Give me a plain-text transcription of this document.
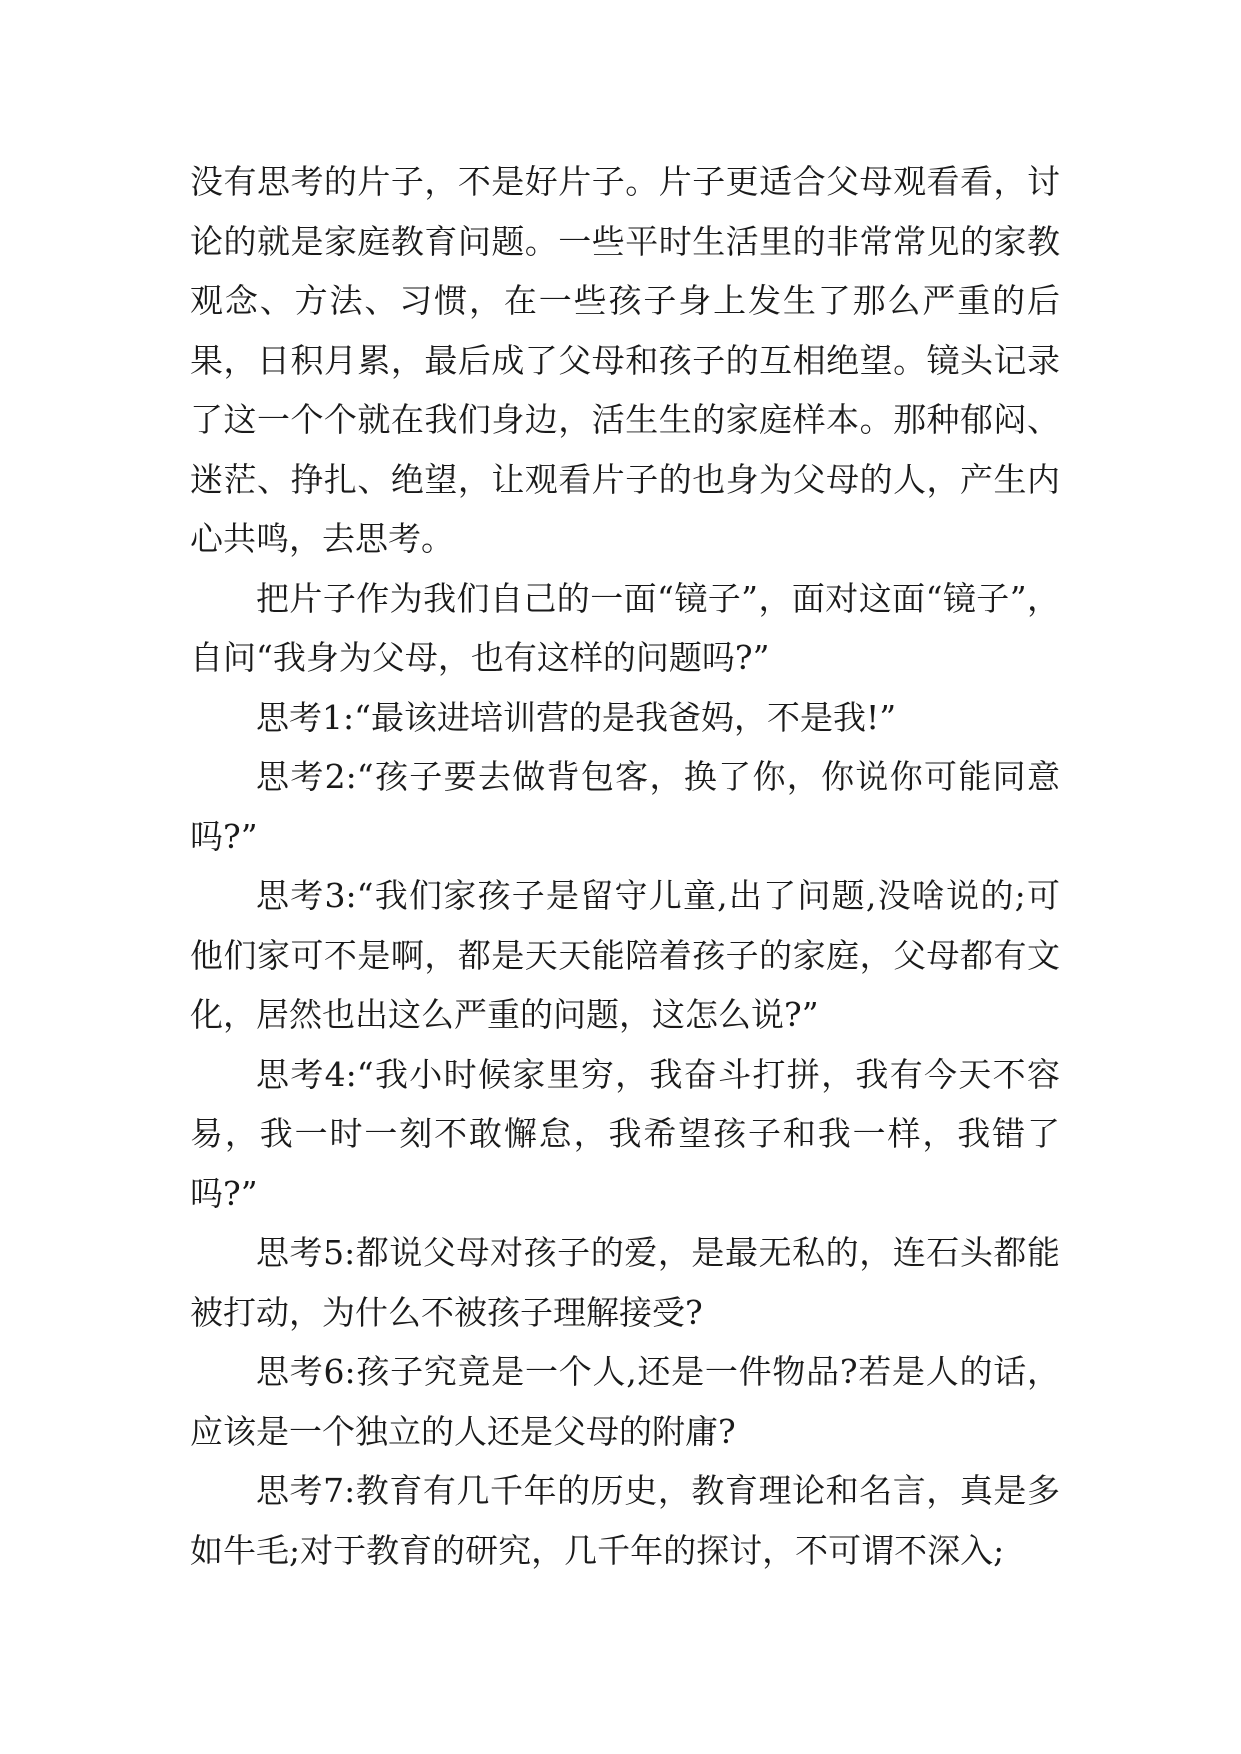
没有思考的片子，不是好片子。片子更适合父母观看看，讨论的就是家庭教育问题。一些平时生活里的非常常见的家教观念、方法、习惯，在一些孩子身上发生了那么严重的后果，日积月累，最后成了父母和孩子的互相绝望。镜头记录了这一个个就在我们身边，活生生的家庭样本。那种郁闷、迷茫、挣扎、绝望，让观看片子的也身为父母的人，产生内心共鸣，去思考。

把片子作为我们自己的一面“镜子”，面对这面“镜子”，自问“我身为父母，也有这样的问题吗?”

思考1:“最该进培训营的是我爸妈，不是我!”

思考2:“孩子要去做背包客，换了你，你说你可能同意吗?”

思考3:“我们家孩子是留守儿童,出了问题,没啥说的;可他们家可不是啊，都是天天能陪着孩子的家庭，父母都有文化，居然也出这么严重的问题，这怎么说?”

思考4:“我小时候家里穷，我奋斗打拼，我有今天不容易，我一时一刻不敢懈怠，我希望孩子和我一样，我错了吗?”

思考5:都说父母对孩子的爱，是最无私的，连石头都能被打动，为什么不被孩子理解接受?

思考6:孩子究竟是一个人,还是一件物品?若是人的话，应该是一个独立的人还是父母的附庸?

思考7:教育有几千年的历史，教育理论和名言，真是多如牛毛;对于教育的研究，几千年的探讨，不可谓不深入;
